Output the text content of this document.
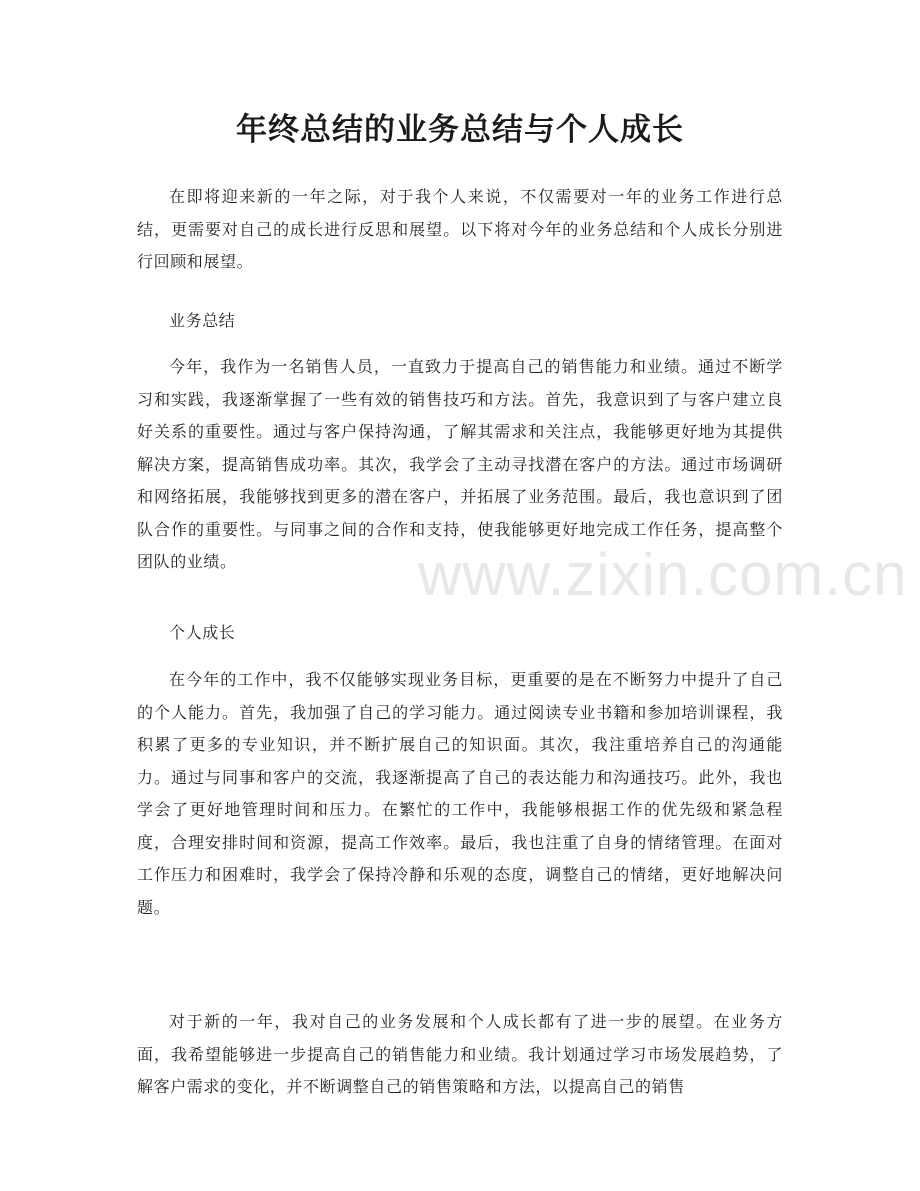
年终总结的业务总结与个人成长

在即将迎来新的一年之际，对于我个人来说，不仅需要对一年的业务工作进行总结，更需要对自己的成长进行反思和展望。以下将对今年的业务总结和个人成长分别进行回顾和展望。

业务总结

今年，我作为一名销售人员，一直致力于提高自己的销售能力和业绩。通过不断学习和实践，我逐渐掌握了一些有效的销售技巧和方法。首先，我意识到了与客户建立良好关系的重要性。通过与客户保持沟通，了解其需求和关注点，我能够更好地为其提供解决方案，提高销售成功率。其次，我学会了主动寻找潜在客户的方法。通过市场调研和网络拓展，我能够找到更多的潜在客户，并拓展了业务范围。最后，我也意识到了团队合作的重要性。与同事之间的合作和支持，使我能够更好地完成工作任务，提高整个团队的业绩。

个人成长

在今年的工作中，我不仅能够实现业务目标，更重要的是在不断努力中提升了自己的个人能力。首先，我加强了自己的学习能力。通过阅读专业书籍和参加培训课程，我积累了更多的专业知识，并不断扩展自己的知识面。其次，我注重培养自己的沟通能力。通过与同事和客户的交流，我逐渐提高了自己的表达能力和沟通技巧。此外，我也学会了更好地管理时间和压力。在繁忙的工作中，我能够根据工作的优先级和紧急程度，合理安排时间和资源，提高工作效率。最后，我也注重了自身的情绪管理。在面对工作压力和困难时，我学会了保持冷静和乐观的态度，调整自己的情绪，更好地解决问题。

对于新的一年，我对自己的业务发展和个人成长都有了进一步的展望。在业务方面，我希望能够进一步提高自己的销售能力和业绩。我计划通过学习市场发展趋势，了解客户需求的变化，并不断调整自己的销售策略和方法，以提高自己的销售

www.zixin.com.cn
